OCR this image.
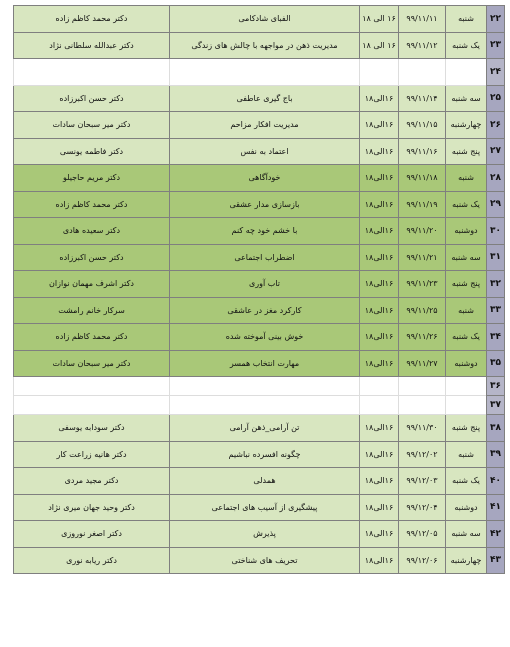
۲۲	شنبه	۹۹/۱۱/۱۱	۱۶ الی ۱۸	الفبای شادکامی	دکتر محمد کاظم زاده
۲۳	یک شنبه	۹۹/۱۱/۱۲	۱۶ الی ۱۸	مدیریت ذهن در مواجهه با چالش های زندگی	دکتر عبدالله سلطانی نژاد
۲۴					
۲۵	سه شنبه	۹۹/۱۱/۱۴	۱۶الی۱۸	باج گیری عاطفی	دکتر حسن اکبرزاده
۲۶	چهارشنبه	۹۹/۱۱/۱۵	۱۶الی۱۸	مدیریت افکار مزاحم	دکتر میر سبحان سادات
۲۷	پنج شنبه	۹۹/۱۱/۱۶	۱۶الی۱۸	اعتماد به نفس	دکتر فاطمه یونسی
۲۸	شنبه	۹۹/۱۱/۱۸	۱۶الی۱۸	خودآگاهی	دکتر مریم حاجیلو
۲۹	یک شنبه	۹۹/۱۱/۱۹	۱۶الی۱۸	بازسازی مدار عشقی	دکتر محمد کاظم زاده
۳۰	دوشنبه	۹۹/۱۱/۲۰	۱۶الی۱۸	با خشم خود چه کنم	دکتر سعیده هادی
۳۱	سه شنبه	۹۹/۱۱/۲۱	۱۶الی۱۸	اضطراب اجتماعی	دکتر حسن اکبرزاده
۳۲	پنج شنبه	۹۹/۱۱/۲۳	۱۶الی۱۸	تاب آوری	دکتر اشرف مهمان نوازان
۳۳	شنبه	۹۹/۱۱/۲۵	۱۶الی۱۸	کارکرد مغز در عاشقی	سرکار خانم رامشت
۳۴	یک شنبه	۹۹/۱۱/۲۶	۱۶الی۱۸	خوش بینی آموخته شده	دکتر محمد کاظم زاده
۳۵	دوشنبه	۹۹/۱۱/۲۷	۱۶الی۱۸	مهارت انتخاب همسر	دکتر میر سبحان سادات
۳۶					
۳۷					
۳۸	پنج شنبه	۹۹/۱۱/۳۰	۱۶الی۱۸	تن آرامی_ذهن آرامی	دکتر سودابه یوسفی
۳۹	شنبه	۹۹/۱۲/۰۲	۱۶الی۱۸	چگونه افسرده نباشیم	دکتر هانیه زراعت کار
۴۰	یک شنبه	۹۹/۱۲/۰۳	۱۶الی۱۸	همدلی	دکتر مجید مردی
۴۱	دوشنبه	۹۹/۱۲/۰۴	۱۶الی۱۸	پیشگیری از آسیب های اجتماعی	دکتر وحید جهان میری نژاد
۴۲	سه شنبه	۹۹/۱۲/۰۵	۱۶الی۱۸	پذیرش	دکتر اصغر نوروزی
۴۳	چهارشنبه	۹۹/۱۲/۰۶	۱۶الی۱۸	تحریف های شناختی	دکتر ریابه نوری
